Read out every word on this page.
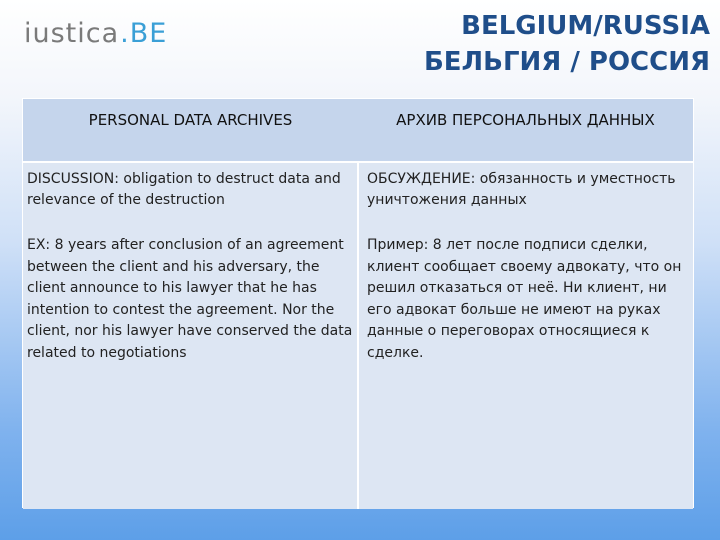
iustica .BE	BELGIUM/RUSSIA
БЕЛЬГИЯ / РОССИЯ
PERSONAL DATA ARCHIVES	АРХИВ ПЕРСОНАЛЬНЫХ ДАННЫХ

DISCUSSION: obligation to destruct data and relevance of the destruction

EX: 8 years after conclusion of an agreement between the client and his adversary, the client announce to his lawyer that he has intention to contest the agreement. Nor the client, nor his lawyer have conserved the data related to negotiations

ОБСУЖДЕНИЕ: обязанность и уместность уничтожения данных

Пример: 8 лет после подписи сделки, клиент сообщает своему адвокату, что он решил отказаться от неё. Ни клиент, ни его адвокат больше не имеют на руках данные о переговорах относящиеся к сделке.
